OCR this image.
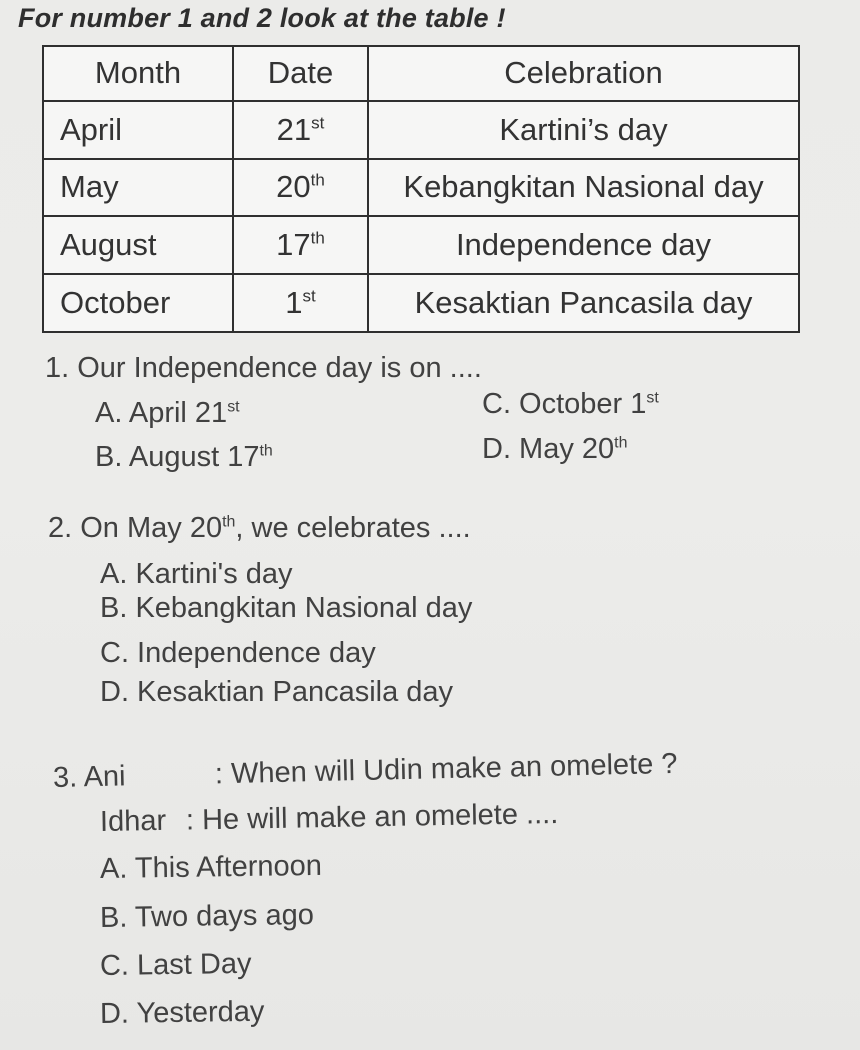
For number 1 and 2 look at the table !

Month	Date	Celebration
April	21st	Kartini’s day
May	20th	Kebangkitan Nasional day
August	17th	Independence day
October	1st	Kesaktian Pancasila day
1. Our Independence day is on ....
A. April 21st	C. October 1st
B. August 17th	D. May 20th
2. On May 20th, we celebrates ....
A. Kartini's day
B. Kebangkitan Nasional day
C. Independence day
D. Kesaktian Pancasila day
3. Ani	: When will Udin make an omelete ?
Idhar : He will make an omelete ....
A. This Afternoon
B. Two days ago
C. Last Day
D. Yesterday
